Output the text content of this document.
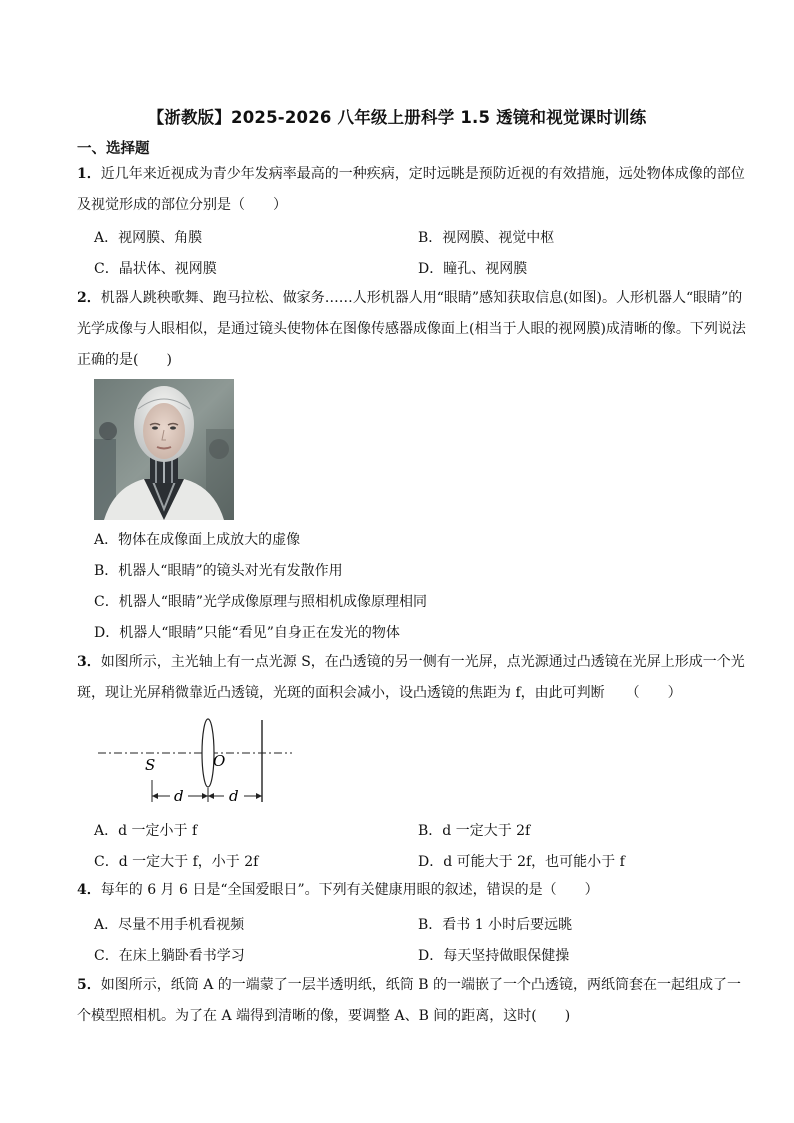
【浙教版】2025-2026 八年级上册科学 1.5 透镜和视觉课时训练
一、选择题

1．近几年来近视成为青少年发病率最高的一种疾病，定时远眺是预防近视的有效措施，远处物体成像的部位及视觉形成的部位分别是（　　）

A．视网膜、角膜	B．视网膜、视觉中枢
C．晶状体、视网膜	D．瞳孔、视网膜

2．机器人跳秧歌舞、跑马拉松、做家务……人形机器人用“眼睛”感知获取信息(如图)。人形机器人“眼睛”的光学成像与人眼相似，是通过镜头使物体在图像传感器成像面上(相当于人眼的视网膜)成清晰的像。下列说法正确的是(　　)

A．物体在成像面上成放大的虚像
B．机器人“眼睛”的镜头对光有发散作用
C．机器人“眼睛”光学成像原理与照相机成像原理相同
D．机器人“眼睛”只能“看见”自身正在发光的物体

3．如图所示，主光轴上有一点光源 S，在凸透镜的另一侧有一光屏，点光源通过凸透镜在光屏上形成一个光斑，现让光屏稍微靠近凸透镜，光斑的面积会减小，设凸透镜的焦距为 f，由此可判断　　（　　）

S	O
d	d
A．d 一定小于 f	B．d 一定大于 2f
C．d 一定大于 f，小于 2f	D．d 可能大于 2f，也可能小于 f

4．每年的 6 月 6 日是“全国爱眼日”。下列有关健康用眼的叙述，错误的是（　　）

A．尽量不用手机看视频	B．看书 1 小时后要远眺
C．在床上躺卧看书学习	D．每天坚持做眼保健操

5．如图所示，纸筒 A 的一端蒙了一层半透明纸，纸筒 B 的一端嵌了一个凸透镜，两纸筒套在一起组成了一个模型照相机。为了在 A 端得到清晰的像，要调整 A、B 间的距离，这时(　　)
